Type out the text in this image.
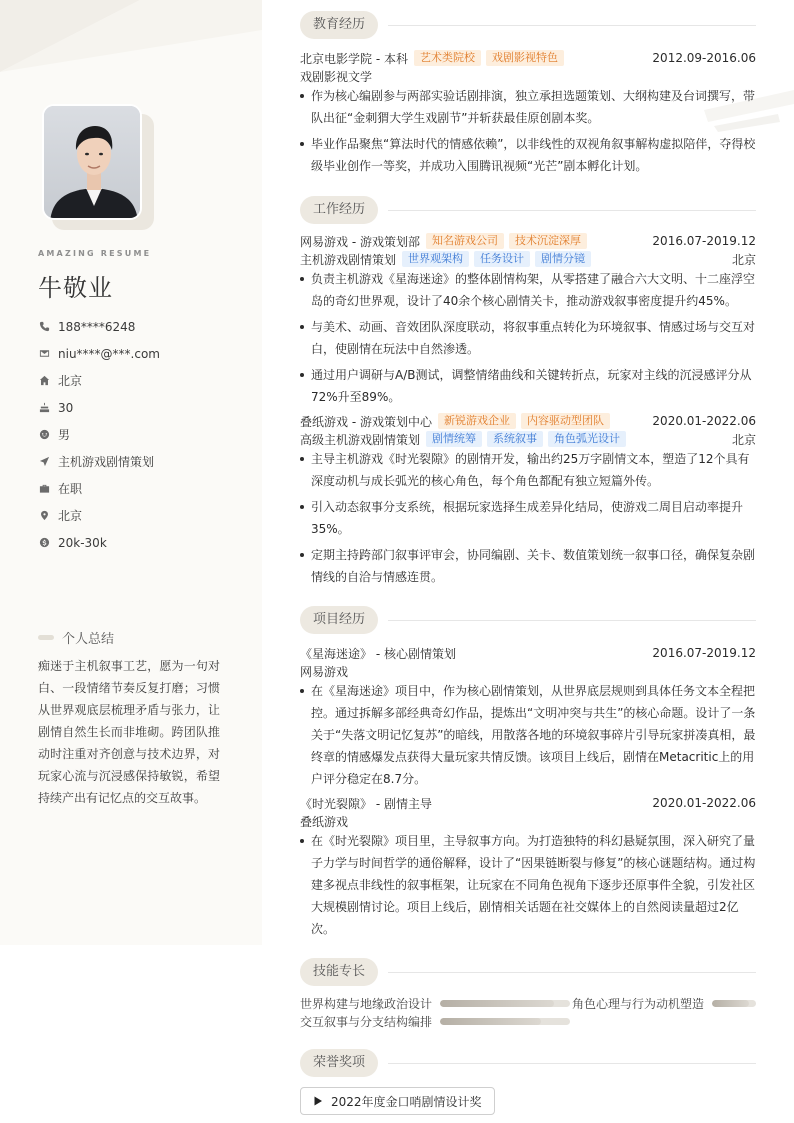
AMAZING RESUME
牛敬业
188****6248
niu****@***.com
北京
30
男
主机游戏剧情策划
在职
北京
20k-30k
个人总结

痴迷于主机叙事工艺，愿为一句对白、一段情绪节奏反复打磨；习惯从世界观底层梳理矛盾与张力，让剧情自然生长而非堆砌。跨团队推动时注重对齐创意与技术边界，对玩家心流与沉浸感保持敏锐，希望持续产出有记忆点的交互故事。

教育经历
北京电影学院 - 本科	艺术类院校	戏剧影视特色	2012.09-2016.06
戏剧影视文学
作为核心编剧参与两部实验话剧排演，独立承担选题策划、大纲构建及台词撰写，带队出征“金刺猬大学生戏剧节”并斩获最佳原创剧本奖。
毕业作品聚焦“算法时代的情感依赖”，以非线性的双视角叙事解构虚拟陪伴，夺得校级毕业创作一等奖，并成功入围腾讯视频“光芒”剧本孵化计划。
工作经历
网易游戏 - 游戏策划部	知名游戏公司	技术沉淀深厚	2016.07-2019.12
主机游戏剧情策划	世界观架构	任务设计	剧情分镜	北京
负责主机游戏《星海迷途》的整体剧情构架，从零搭建了融合六大文明、十二座浮空岛的奇幻世界观，设计了40余个核心剧情关卡，推动游戏叙事密度提升约45%。
与美术、动画、音效团队深度联动，将叙事重点转化为环境叙事、情感过场与交互对白，使剧情在玩法中自然渗透。
通过用户调研与A/B测试，调整情绪曲线和关键转折点，玩家对主线的沉浸感评分从72%升至89%。
叠纸游戏 - 游戏策划中心	新锐游戏企业	内容驱动型团队	2020.01-2022.06
高级主机游戏剧情策划	剧情统筹	系统叙事	角色弧光设计	北京
主导主机游戏《时光裂隙》的剧情开发，输出约25万字剧情文本，塑造了12个具有深度动机与成长弧光的核心角色，每个角色都配有独立短篇外传。
引入动态叙事分支系统，根据玩家选择生成差异化结局，使游戏二周目启动率提升35%。
定期主持跨部门叙事评审会，协同编剧、关卡、数值策划统一叙事口径，确保复杂剧情线的自洽与情感连贯。
项目经历
《星海迷途》 - 核心剧情策划	2016.07-2019.12
网易游戏
在《星海迷途》项目中，作为核心剧情策划，从世界底层规则到具体任务文本全程把控。通过拆解多部经典奇幻作品，提炼出“文明冲突与共生”的核心命题。设计了一条关于“失落文明记忆复苏”的暗线，用散落各地的环境叙事碎片引导玩家拼凑真相，最终章的情感爆发点获得大量玩家共情反馈。该项目上线后，剧情在Metacritic上的用户评分稳定在8.7分。
《时光裂隙》 - 剧情主导	2020.01-2022.06
叠纸游戏
在《时光裂隙》项目里，主导叙事方向。为打造独特的科幻悬疑氛围，深入研究了量子力学与时间哲学的通俗解释，设计了“因果链断裂与修复”的核心谜题结构。通过构建多视点非线性的叙事框架，让玩家在不同角色视角下逐步还原事件全貌，引发社区大规模剧情讨论。项目上线后，剧情相关话题在社交媒体上的自然阅读量超过2亿次。
技能专长
世界构建与地缘政治设计	角色心理与行为动机塑造
交互叙事与分支结构编排
荣誉奖项
2022年度金口哨剧情设计奖
